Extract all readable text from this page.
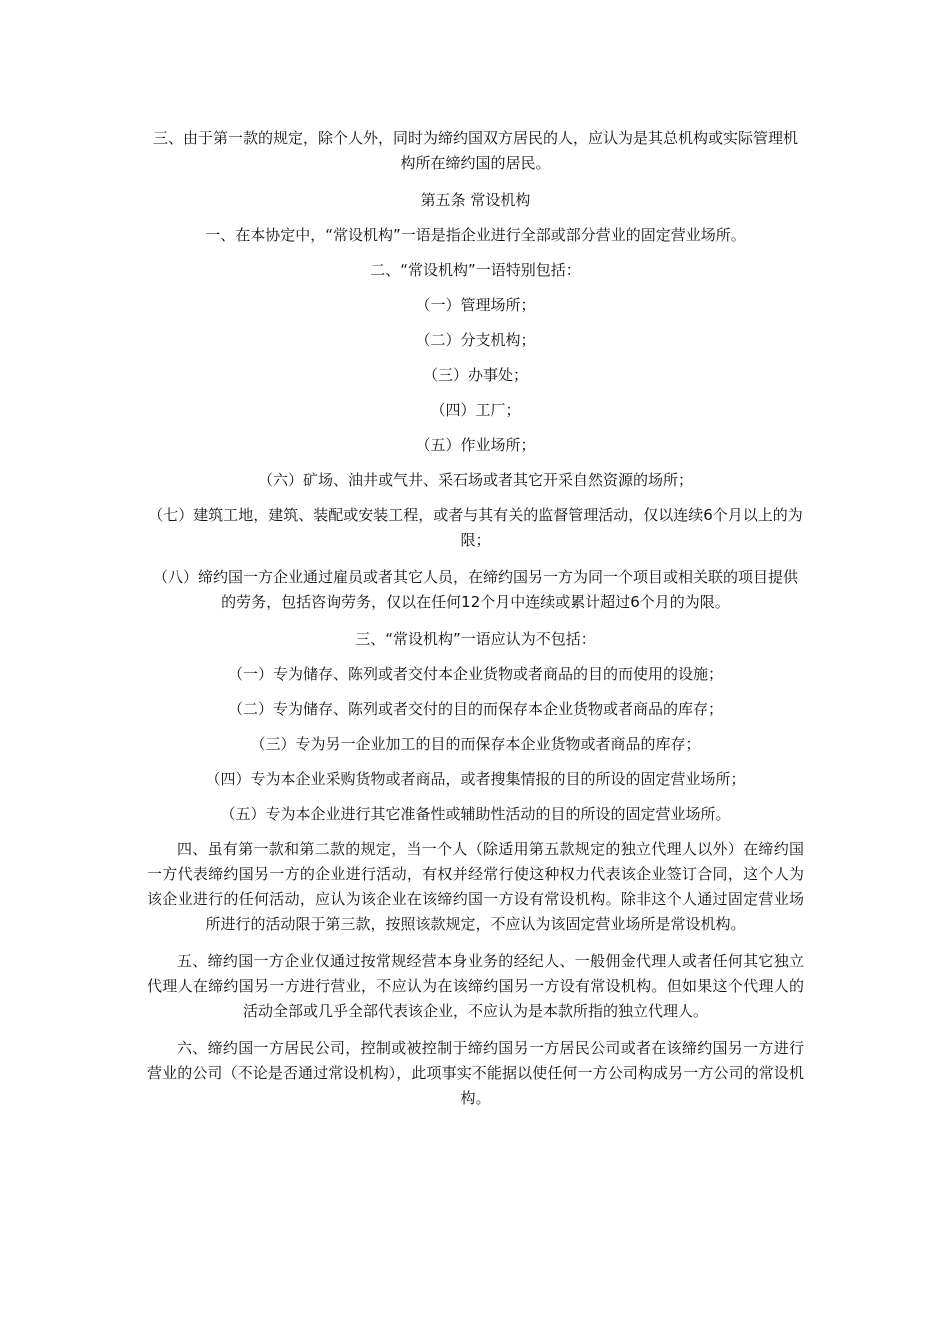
三、由于第一款的规定，除个人外，同时为缔约国双方居民的人，应认为是其总机构或实际管理机构所在缔约国的居民。

第五条 常设机构

一、在本协定中，“常设机构”一语是指企业进行全部或部分营业的固定营业场所。

二、“常设机构”一语特别包括：

（一）管理场所；

（二）分支机构；

（三）办事处；

（四）工厂；

（五）作业场所；

（六）矿场、油井或气井、采石场或者其它开采自然资源的场所；

（七）建筑工地，建筑、装配或安装工程，或者与其有关的监督管理活动，仅以连续6个月以上的为限；

（八）缔约国一方企业通过雇员或者其它人员，在缔约国另一方为同一个项目或相关联的项目提供的劳务，包括咨询劳务，仅以在任何12个月中连续或累计超过6个月的为限。

三、“常设机构”一语应认为不包括：

（一）专为储存、陈列或者交付本企业货物或者商品的目的而使用的设施；

（二）专为储存、陈列或者交付的目的而保存本企业货物或者商品的库存；

（三）专为另一企业加工的目的而保存本企业货物或者商品的库存；

（四）专为本企业采购货物或者商品，或者搜集情报的目的所设的固定营业场所；

（五）专为本企业进行其它准备性或辅助性活动的目的所设的固定营业场所。

四、虽有第一款和第二款的规定，当一个人（除适用第五款规定的独立代理人以外）在缔约国一方代表缔约国另一方的企业进行活动，有权并经常行使这种权力代表该企业签订合同，这个人为该企业进行的任何活动，应认为该企业在该缔约国一方设有常设机构。除非这个人通过固定营业场所进行的活动限于第三款，按照该款规定，不应认为该固定营业场所是常设机构。

五、缔约国一方企业仅通过按常规经营本身业务的经纪人、一般佣金代理人或者任何其它独立代理人在缔约国另一方进行营业，不应认为在该缔约国另一方设有常设机构。但如果这个代理人的活动全部或几乎全部代表该企业，不应认为是本款所指的独立代理人。

六、缔约国一方居民公司，控制或被控制于缔约国另一方居民公司或者在该缔约国另一方进行营业的公司（不论是否通过常设机构），此项事实不能据以使任何一方公司构成另一方公司的常设机构。
